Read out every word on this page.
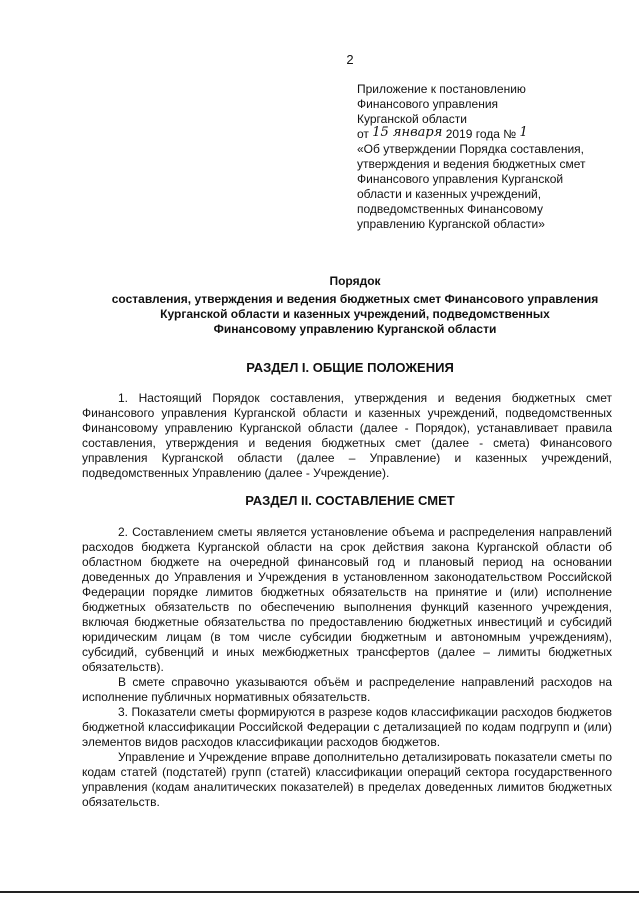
2
Приложение к постановлению
Финансового управления
Курганской области
от 15 января 2019 года № 1
«Об утверждении Порядка составления,
утверждения и ведения бюджетных смет
Финансового управления Курганской
области и казенных учреждений,
подведомственных Финансовому
управлению Курганской области»
Порядок
составления, утверждения и ведения бюджетных смет Финансового управления
Курганской области и казенных учреждений, подведомственных
Финансовому управлению Курганской области
РАЗДЕЛ I. ОБЩИЕ ПОЛОЖЕНИЯ

1. Настоящий Порядок составления, утверждения и ведения бюджетных смет Финансового управления Курганской области и казенных учреждений, подведомственных Финансовому управлению Курганской области (далее - Порядок), устанавливает правила составления, утверждения и ведения бюджетных смет (далее - смета) Финансового управления Курганской области (далее – Управление) и казенных учреждений, подведомственных Управлению (далее - Учреждение).

РАЗДЕЛ II. СОСТАВЛЕНИЕ СМЕТ

2. Составлением сметы является установление объема и распределения направлений расходов бюджета Курганской области на срок действия закона Курганской области об областном бюджете на очередной финансовый год и плановый период на основании доведенных до Управления и Учреждения в установленном законодательством Российской Федерации порядке лимитов бюджетных обязательств на принятие и (или) исполнение бюджетных обязательств по обеспечению выполнения функций казенного учреждения, включая бюджетные обязательства по предоставлению бюджетных инвестиций и субсидий юридическим лицам (в том числе субсидии бюджетным и автономным учреждениям), субсидий, субвенций и иных межбюджетных трансфертов (далее – лимиты бюджетных обязательств).

В смете справочно указываются объём и распределение направлений расходов на исполнение публичных нормативных обязательств.

3. Показатели сметы формируются в разрезе кодов классификации расходов бюджетов бюджетной классификации Российской Федерации с детализацией по кодам подгрупп и (или) элементов видов расходов классификации расходов бюджетов.

Управление и Учреждение вправе дополнительно детализировать показатели сметы по кодам статей (подстатей) групп (статей) классификации операций сектора государственного управления (кодам аналитических показателей) в пределах доведенных лимитов бюджетных обязательств.
